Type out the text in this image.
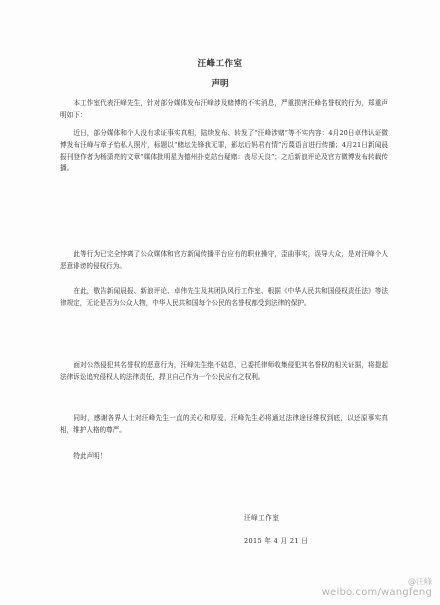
汪峰工作室
声明

本工作室代表汪峰先生，针对部分媒体发布汪峰涉及赌博的不实消息，严重损害汪峰名誉权的行为，郑重声明如下：

近日，部分媒体和个人没有求证事实真相，陆续发布、转发了“汪峰涉赌”等不实内容：4月20日卓伟认证微博发布汪峰与章子怡私人照片，标题以“赌坛先锋我无罪，影坛后妈君有情”污蔑语言进行传播；4月21日新闻晨报刊登作者为杨潇亮的文章“媒体批明星为德州扑克站台疑赌：丧尽天良”；之后新浪评论及官方微博发布转载传播。

此等行为已完全悖离了公众媒体和官方新闻传播平台应有的职业操守，歪曲事实，误导大众，是对汪峰个人恶意诽谤的侵权行为。

在此，敬告新闻晨报、新浪评论、卓伟先生及其团队风行工作室、根据《中华人民共和国侵权责任法》等法律规定，无论是否为公众人物，中华人民共和国每个公民的名誉权都受到法律的保护。

面对公然侵犯其名誉权的恶意行为，汪峰先生绝不姑息，已委托律师收集侵犯其名誉权的相关证据，将提起法律诉讼追究侵权人的法律责任，捍卫自己作为一个公民应有之权利。

同时，感谢各界人士对汪峰先生一直的关心和厚爱，汪峰先生必将通过法律途径维权到底，以还原事实真相，维护人格的尊严。

特此声明！

汪峰工作室
2015 年 4 月 21 日
@汪峰
weibo.com/wangfeng
